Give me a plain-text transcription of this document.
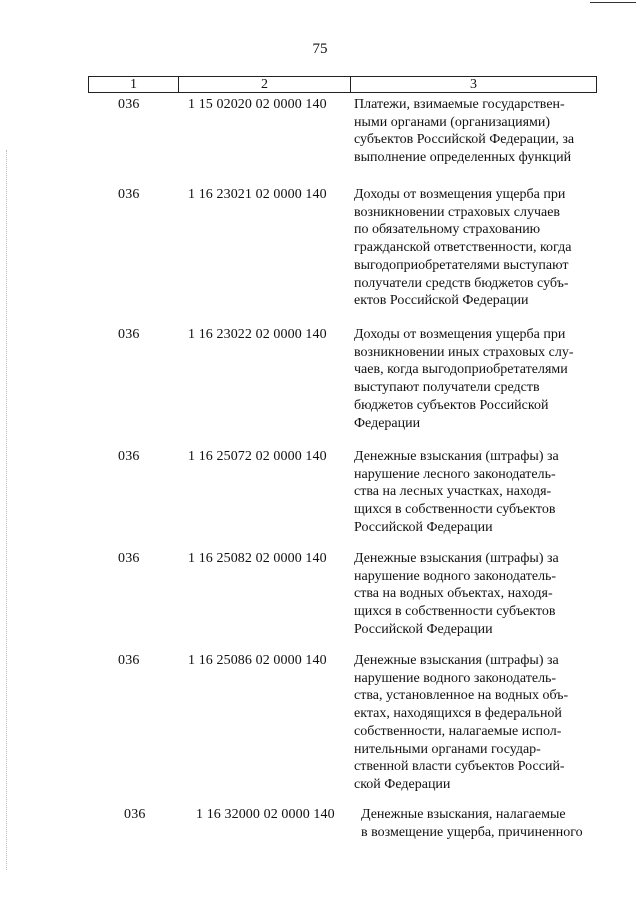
75
1	2	3
036	1 15 02020 02 0000 140 Платежи, взимаемые государствен-
ными органами (организациями)
субъектов Российской Федерации, за
выполнение определенных функций
036	1 16 23021 02 0000 140 Доходы от возмещения ущерба при
возникновении страховых случаев
по обязательному страхованию
гражданской ответственности, когда
выгодоприобретателями выступают
получатели средств бюджетов субъ-
ектов Российской Федерации
036	1 16 23022 02 0000 140 Доходы от возмещения ущерба при
возникновении иных страховых слу-
чаев, когда выгодоприобретателями
выступают получатели средств
бюджетов субъектов Российской
Федерации
036	1 16 25072 02 0000 140 Денежные взыскания (штрафы) за
нарушение лесного законодатель-
ства на лесных участках, находя-
щихся в собственности субъектов
Российской Федерации
036	1 16 25082 02 0000 140 Денежные взыскания (штрафы) за
нарушение водного законодатель-
ства на водных объектах, находя-
щихся в собственности субъектов
Российской Федерации
036	1 16 25086 02 0000 140 Денежные взыскания (штрафы) за
нарушение водного законодатель-
ства, установленное на водных объ-
ектах, находящихся в федеральной
собственности, налагаемые испол-
нительными органами государ-
ственной власти субъектов Россий-
ской Федерации
036	1 16 32000 02 0000 140 Денежные взыскания, налагаемые
в возмещение ущерба, причиненного
